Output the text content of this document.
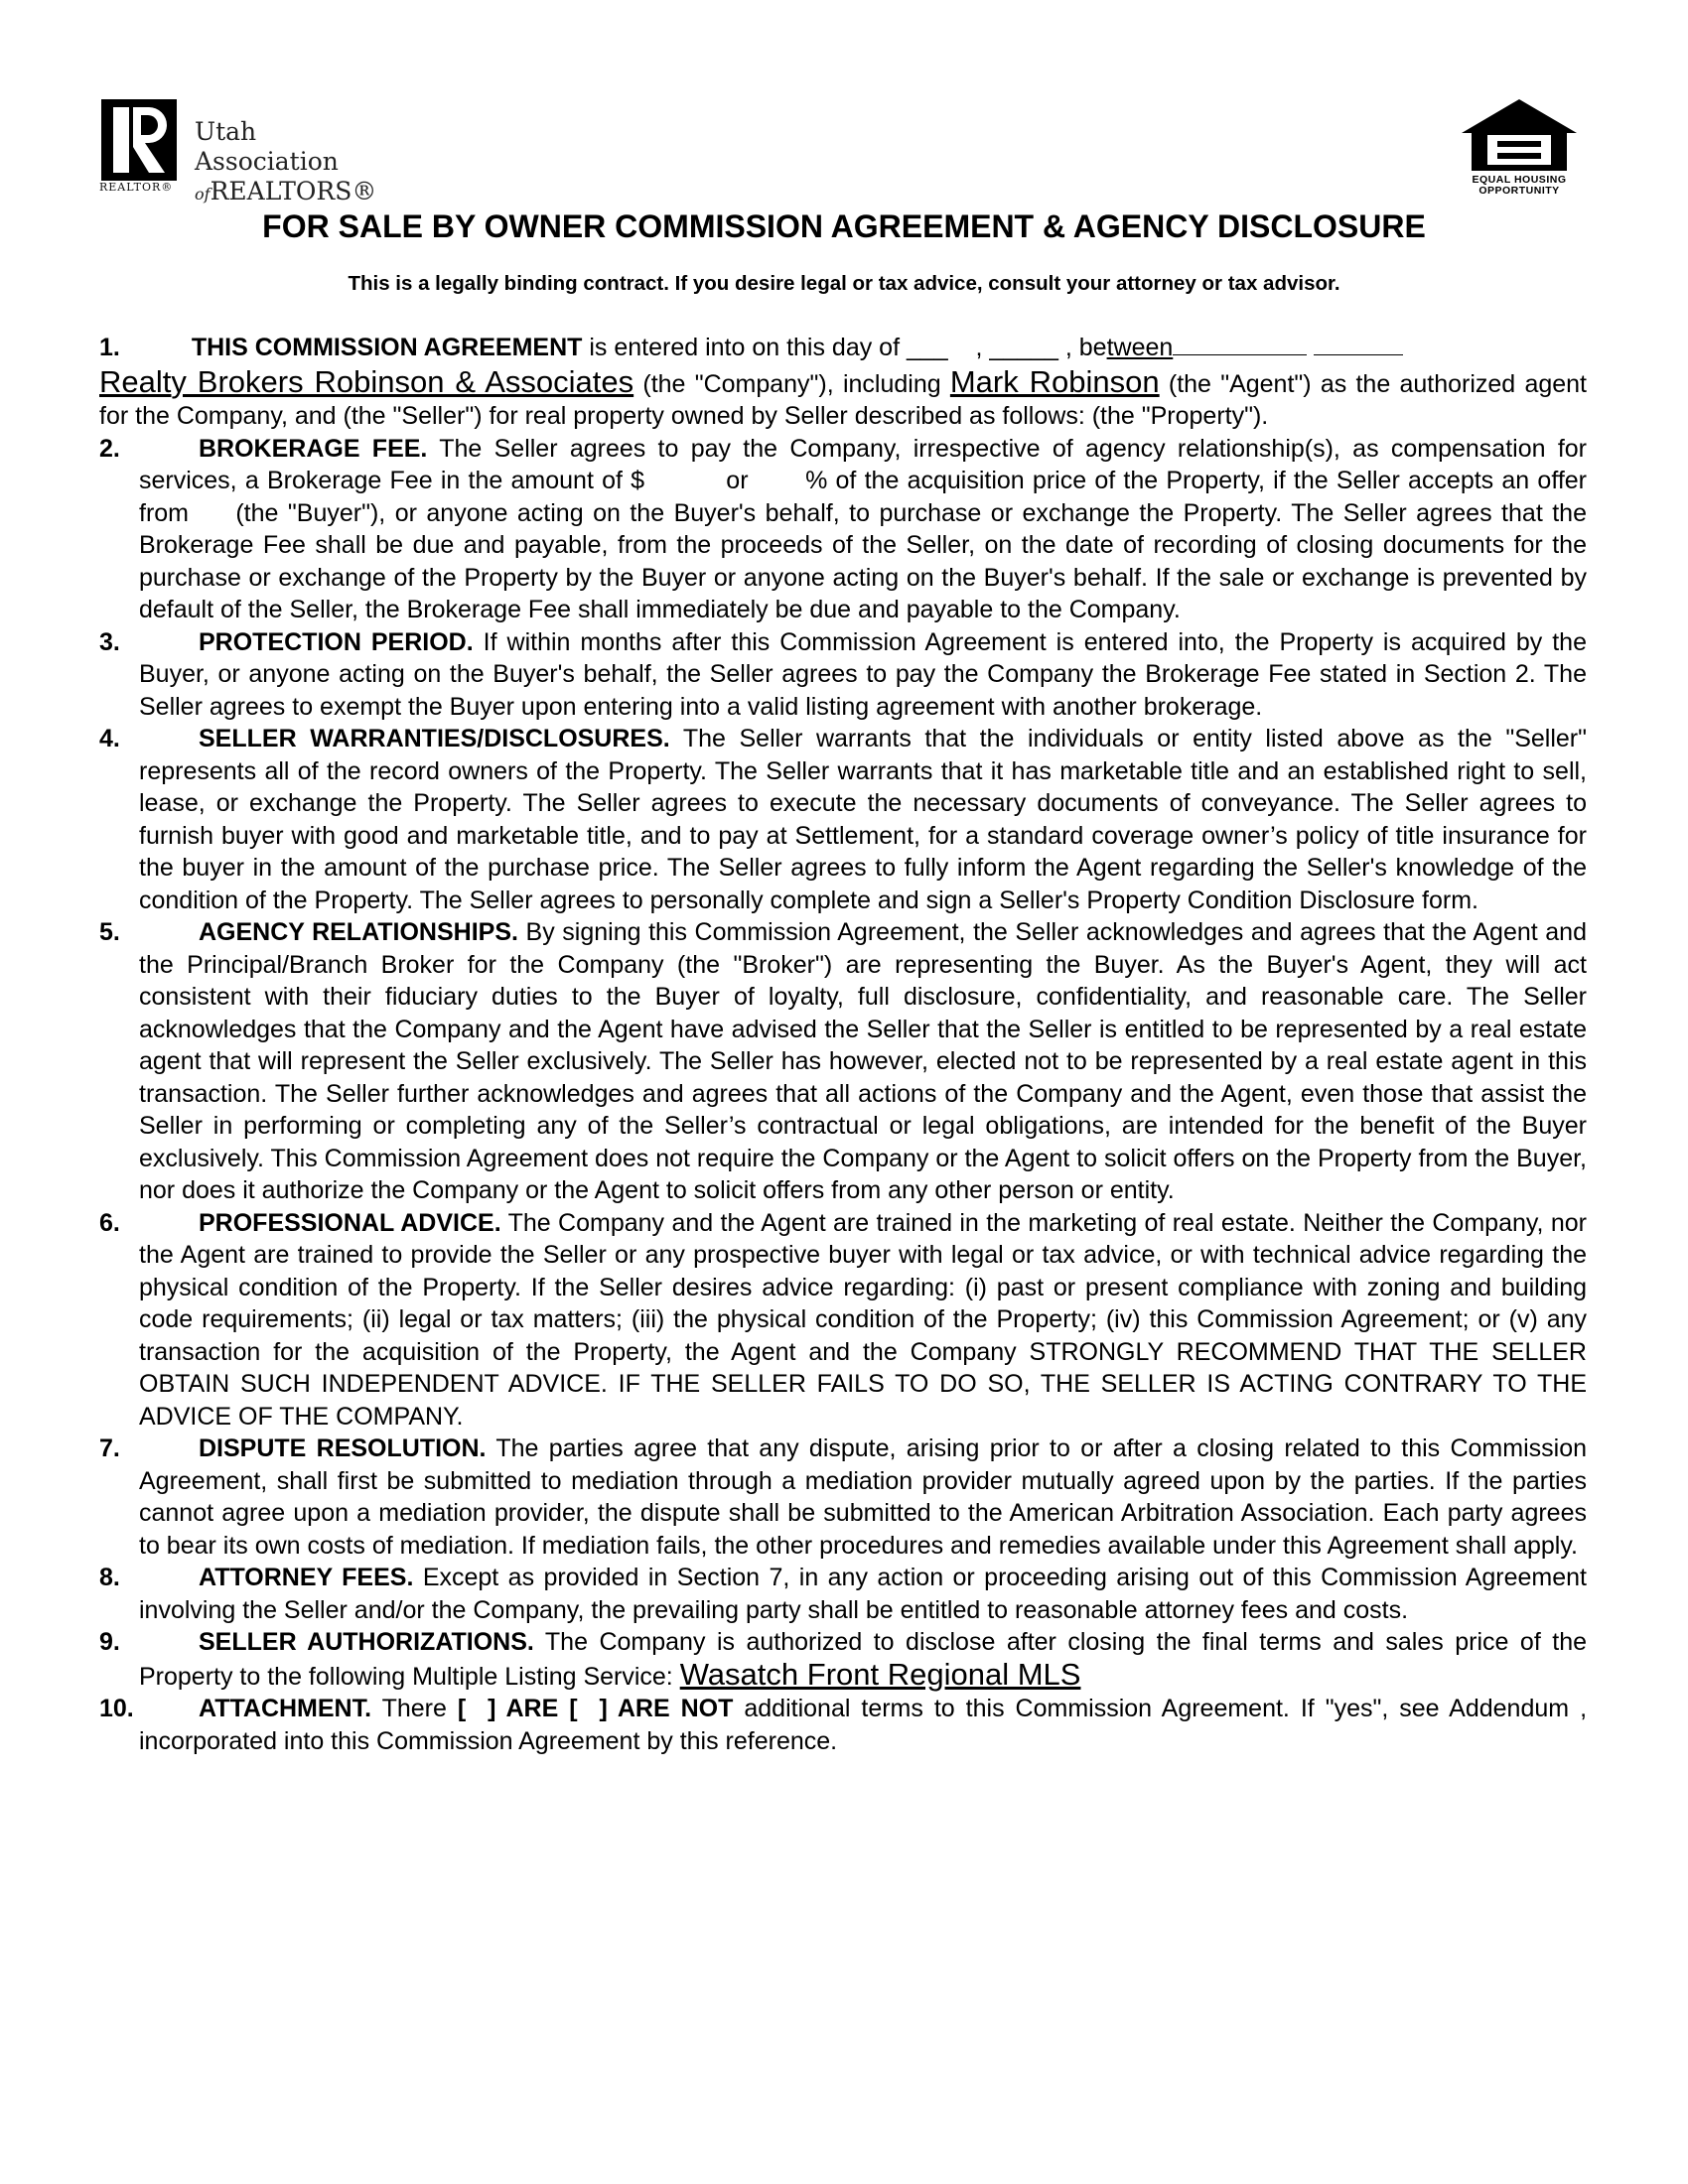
Utah Association
ofREALTORS®
REALTOR®
EQUAL HOUSING
OPPORTUNITY
FOR SALE BY OWNER COMMISSION AGREEMENT & AGENCY DISCLOSURE
This is a legally binding contract. If you desire legal or tax advice, consult your attorney or tax advisor.
1.	THIS COMMISSION AGREEMENT is entered into on this day of ___    , _____ , between
Realty Brokers Robinson & Associates (the "Company"), including Mark Robinson (the "Agent") as the authorized agent for the Company, and (the "Seller") for real property owned by Seller described as follows: (the "Property").
2.	BROKERAGE FEE. The Seller agrees to pay the Company, irrespective of agency relationship(s), as compensation for services, a Brokerage Fee in the amount of $          or       % of the acquisition price of the Property, if the Seller accepts an offer from     (the "Buyer"), or anyone acting on the Buyer's behalf, to purchase or exchange the Property. The Seller agrees that the Brokerage Fee shall be due and payable, from the proceeds of the Seller, on the date of recording of closing documents for the purchase or exchange of the Property by the Buyer or anyone acting on the Buyer's behalf. If the sale or exchange is prevented by default of the Seller, the Brokerage Fee shall immediately be due and payable to the Company.
3.	PROTECTION PERIOD. If within months after this Commission Agreement is entered into, the Property is acquired by the Buyer, or anyone acting on the Buyer's behalf, the Seller agrees to pay the Company the Brokerage Fee stated in Section 2. The Seller agrees to exempt the Buyer upon entering into a valid listing agreement with another brokerage.
4.	SELLER WARRANTIES/DISCLOSURES. The Seller warrants that the individuals or entity listed above as the "Seller" represents all of the record owners of the Property. The Seller warrants that it has marketable title and an established right to sell, lease, or exchange the Property. The Seller agrees to execute the necessary documents of conveyance. The Seller agrees to furnish buyer with good and marketable title, and to pay at Settlement, for a standard coverage owner’s policy of title insurance for the buyer in the amount of the purchase price. The Seller agrees to fully inform the Agent regarding the Seller's knowledge of the condition of the Property. The Seller agrees to personally complete and sign a Seller's Property Condition Disclosure form.
5.	AGENCY RELATIONSHIPS. By signing this Commission Agreement, the Seller acknowledges and agrees that the Agent and the Principal/Branch Broker for the Company (the "Broker") are representing the Buyer. As the Buyer's Agent, they will act consistent with their fiduciary duties to the Buyer of loyalty, full disclosure, confidentiality, and reasonable care. The Seller acknowledges that the Company and the Agent have advised the Seller that the Seller is entitled to be represented by a real estate agent that will represent the Seller exclusively. The Seller has however, elected not to be represented by a real estate agent in this transaction. The Seller further acknowledges and agrees that all actions of the Company and the Agent, even those that assist the Seller in performing or completing any of the Seller’s contractual or legal obligations, are intended for the benefit of the Buyer exclusively. This Commission Agreement does not require the Company or the Agent to solicit offers on the Property from the Buyer, nor does it authorize the Company or the Agent to solicit offers from any other person or entity.
6.	PROFESSIONAL ADVICE. The Company and the Agent are trained in the marketing of real estate. Neither the Company, nor the Agent are trained to provide the Seller or any prospective buyer with legal or tax advice, or with technical advice regarding the physical condition of the Property. If the Seller desires advice regarding: (i) past or present compliance with zoning and building code requirements; (ii) legal or tax matters; (iii) the physical condition of the Property; (iv) this Commission Agreement; or (v) any transaction for the acquisition of the Property, the Agent and the Company STRONGLY RECOMMEND THAT THE SELLER OBTAIN SUCH INDEPENDENT ADVICE. IF THE SELLER FAILS TO DO SO, THE SELLER IS ACTING CONTRARY TO THE ADVICE OF THE COMPANY.
7.	DISPUTE RESOLUTION. The parties agree that any dispute, arising prior to or after a closing related to this Commission Agreement, shall first be submitted to mediation through a mediation provider mutually agreed upon by the parties. If the parties cannot agree upon a mediation provider, the dispute shall be submitted to the American Arbitration Association. Each party agrees to bear its own costs of mediation. If mediation fails, the other procedures and remedies available under this Agreement shall apply.
8.	ATTORNEY FEES. Except as provided in Section 7, in any action or proceeding arising out of this Commission Agreement involving the Seller and/or the Company, the prevailing party shall be entitled to reasonable attorney fees and costs.
9.	SELLER AUTHORIZATIONS. The Company is authorized to disclose after closing the final terms and sales price of the Property to the following Multiple Listing Service: Wasatch Front Regional MLS
10.	ATTACHMENT. There [  ] ARE [  ] ARE NOT additional terms to this Commission Agreement. If "yes", see Addendum , incorporated into this Commission Agreement by this reference.
